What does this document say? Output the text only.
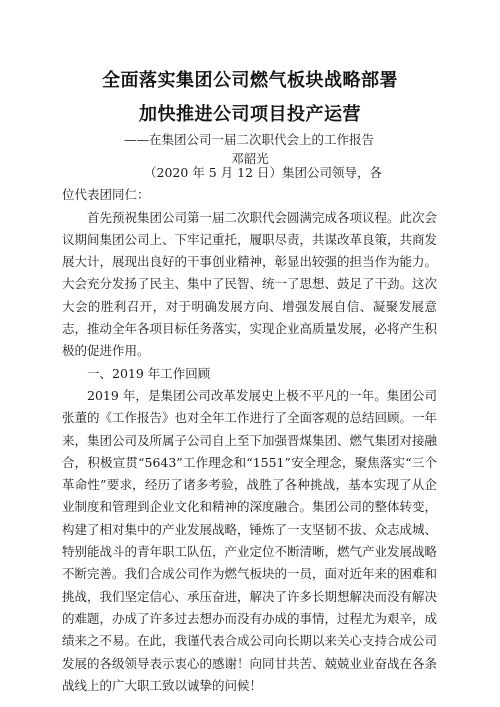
全面落实集团公司燃气板块战略部署
加快推进公司项目投产运营
——在集团公司一届二次职代会上的工作报告
邓韶光

（2020 年 5 月 12 日）集团公司领导，各

位代表团同仁：

首先预祝集团公司第一届二次职代会圆满完成各项议程。此次会议期间集团公司上、下牢记重托，履职尽责，共谋改革良策，共商发展大计，展现出良好的干事创业精神，彰显出较强的担当作为能力。大会充分发扬了民主、集中了民智、统一了思想、鼓足了干劲。这次大会的胜利召开，对于明确发展方向、增强发展自信、凝聚发展意志，推动全年各项目标任务落实，实现企业高质量发展，必将产生积极的促进作用。

一、2019 年工作回顾

2019 年，是集团公司改革发展史上极不平凡的一年。集团公司张董的《工作报告》也对全年工作进行了全面客观的总结回顾。一年来，集团公司及所属子公司自上至下加强晋煤集团、燃气集团对接融合，积极宣贯“5643”工作理念和“1551”安全理念，聚焦落实“三个革命性”要求，经历了诸多考验，战胜了各种挑战，基本实现了从企业制度和管理到企业文化和精神的深度融合。集团公司的整体转变，构建了相对集中的产业发展战略，锤炼了一支坚韧不拔、众志成城、特别能战斗的青年职工队伍，产业定位不断清晰，燃气产业发展战略不断完善。我们合成公司作为燃气板块的一员，面对近年来的困难和挑战，我们坚定信心、承压奋进，解决了许多长期想解决而没有解决的难题，办成了许多过去想办而没有办成的事情，过程尤为艰辛，成绩来之不易。在此，我谨代表合成公司向长期以来关心支持合成公司发展的各级领导表示衷心的感谢！向同甘共苦、兢兢业业奋战在各条战线上的广大职工致以诚挚的问候！
